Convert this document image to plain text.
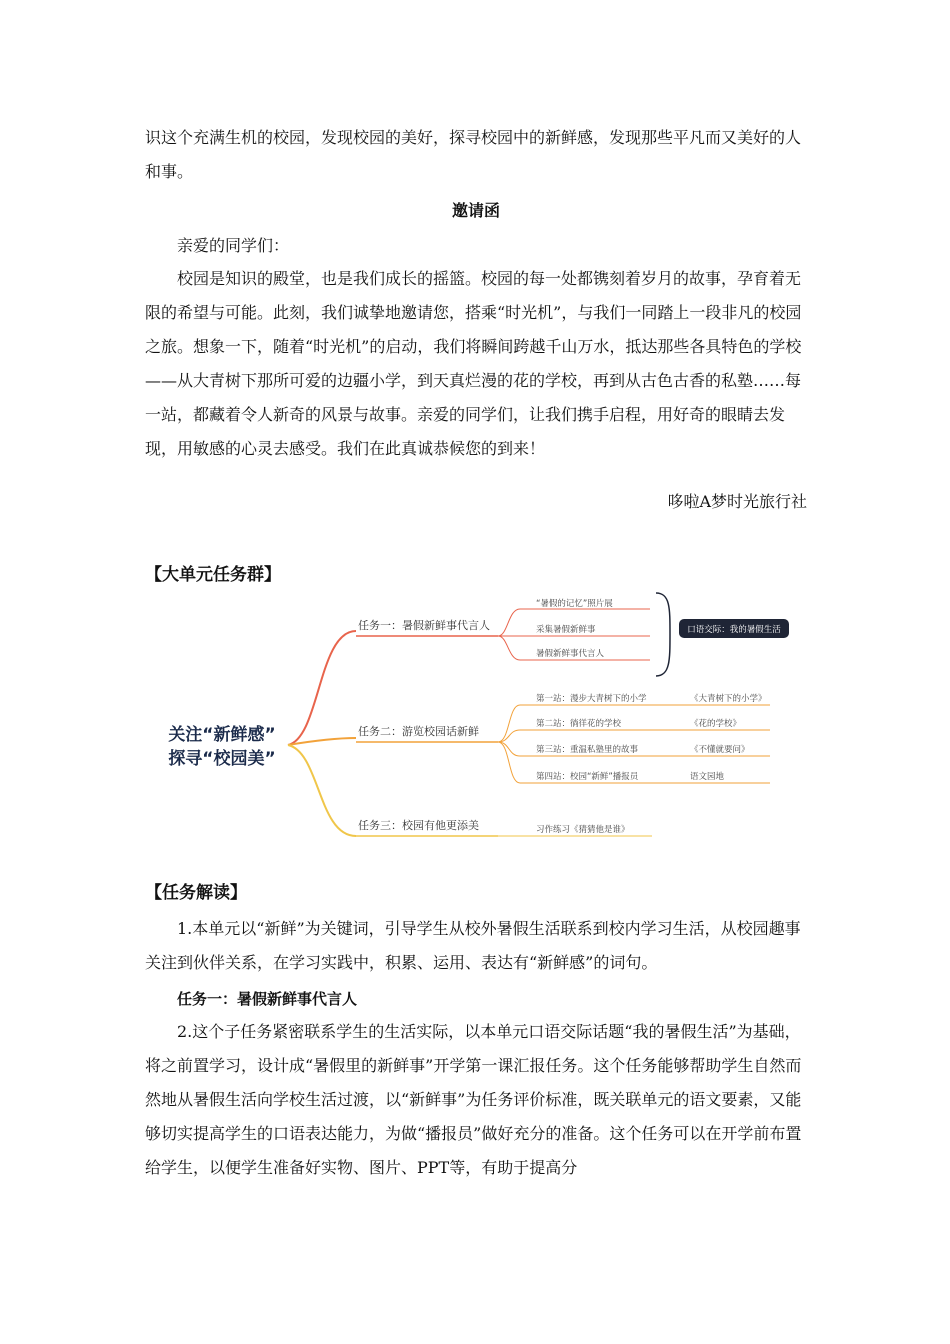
识这个充满生机的校园，发现校园的美好，探寻校园中的新鲜感，发现那些平凡而又美好的人和事。

邀请函

亲爱的同学们：

校园是知识的殿堂，也是我们成长的摇篮。校园的每一处都镌刻着岁月的故事，孕育着无限的希望与可能。此刻，我们诚挚地邀请您，搭乘“时光机”，与我们一同踏上一段非凡的校园之旅。想象一下，随着“时光机”的启动，我们将瞬间跨越千山万水，抵达那些各具特色的学校——从大青树下那所可爱的边疆小学，到天真烂漫的花的学校，再到从古色古香的私塾……每一站，都藏着令人新奇的风景与故事。亲爱的同学们，让我们携手启程，用好奇的眼睛去发现，用敏感的心灵去感受。我们在此真诚恭候您的到来！

哆啦A梦时光旅行社

【大单元任务群】
关注“新鲜感”
探寻“校园美”
任务一：暑假新鲜事代言人
“暑假的记忆”照片展
采集暑假新鲜事
暑假新鲜事代言人
口语交际：我的暑假生活
任务二：游览校园话新鲜
第一站：漫步大青树下的小学	《大青树下的小学》
第二站：徜徉花的学校	《花的学校》
第三站：重温私塾里的故事	《不懂就要问》
第四站：校园“新鲜”播报员	语文园地
任务三：校园有他更添美	习作练习《猜猜他是谁》
【任务解读】

1.本单元以“新鲜”为关键词，引导学生从校外暑假生活联系到校内学习生活，从校园趣事关注到伙伴关系，在学习实践中，积累、运用、表达有“新鲜感”的词句。

任务一：暑假新鲜事代言人

2.这个子任务紧密联系学生的生活实际，以本单元口语交际话题“我的暑假生活”为基础，将之前置学习，设计成“暑假里的新鲜事”开学第一课汇报任务。这个任务能够帮助学生自然而然地从暑假生活向学校生活过渡，以“新鲜事”为任务评价标准，既关联单元的语文要素，又能够切实提高学生的口语表达能力，为做“播报员”做好充分的准备。这个任务可以在开学前布置给学生，以便学生准备好实物、图片、PPT等，有助于提高分
